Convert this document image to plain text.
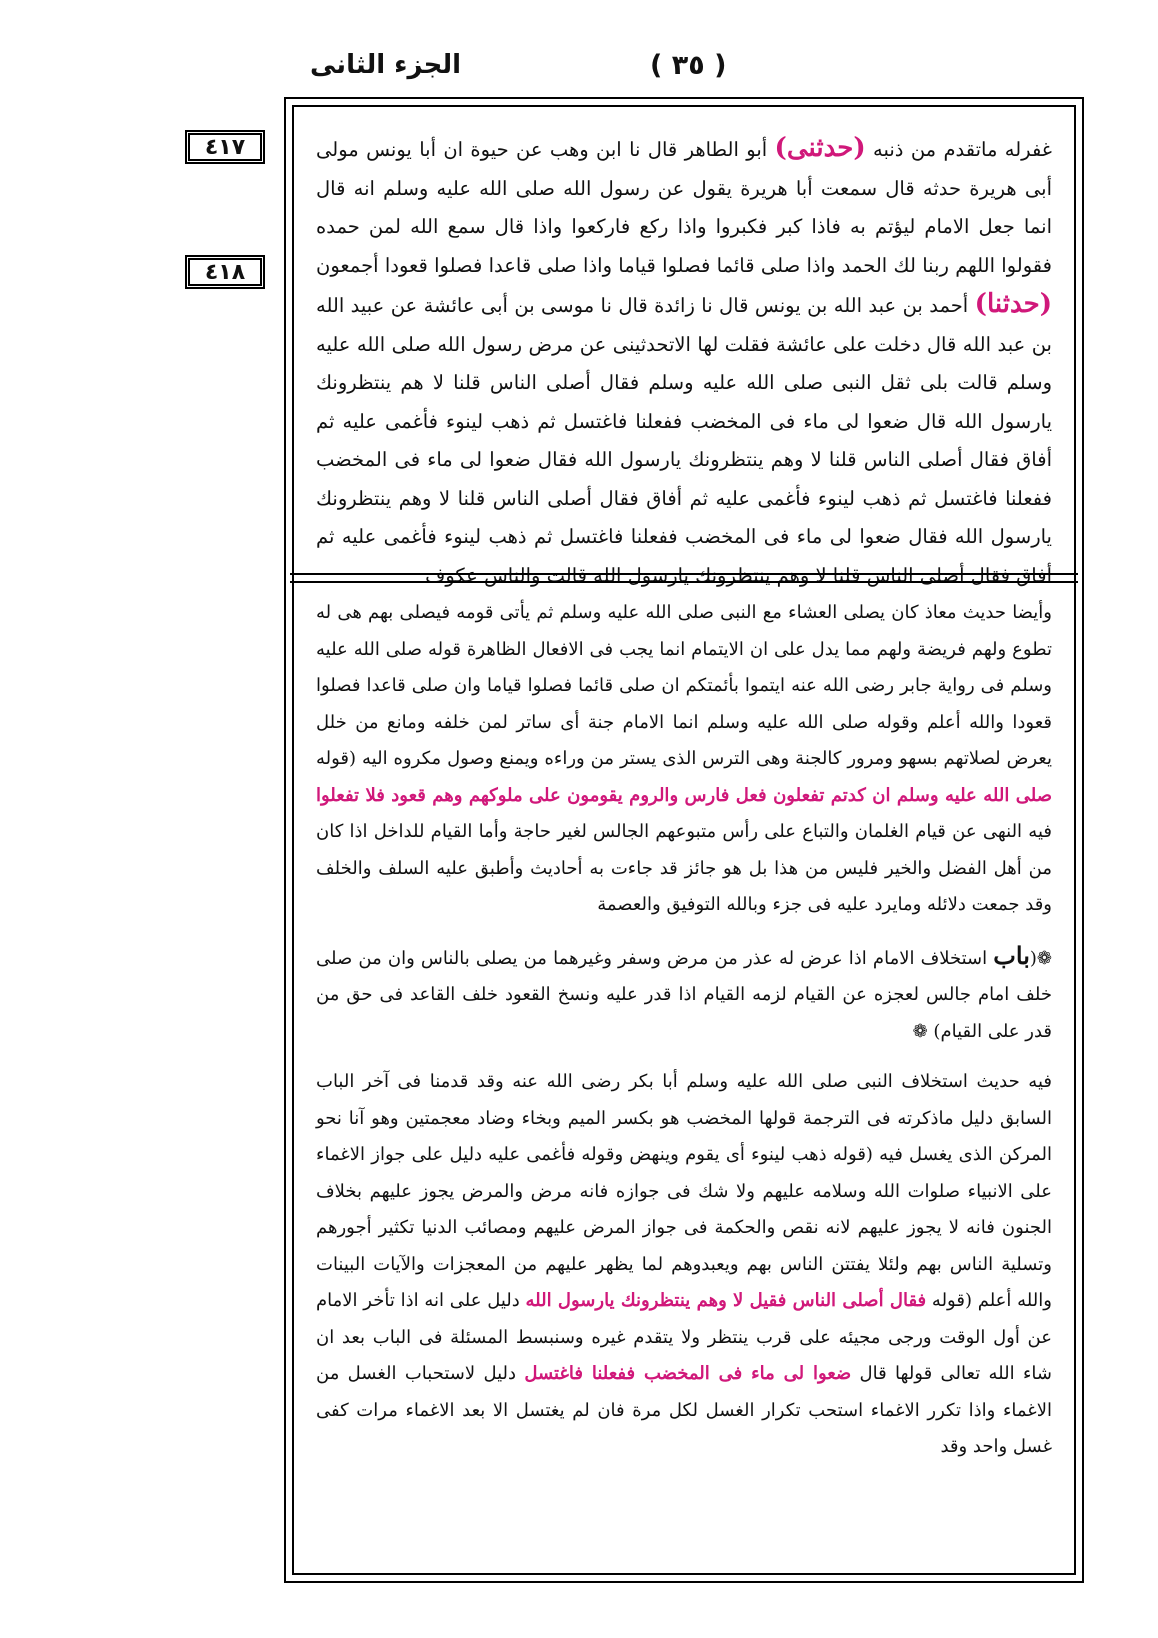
الجزء الثانى	( ٣٥ )
٤١٧
٤١٨

غفرله ماتقدم من ذنبه (حدثنى) أبو الطاهر قال نا ابن وهب عن حيوة ان أبا يونس مولى أبى هريرة حدثه قال سمعت أبا هريرة يقول عن رسول الله صلى الله عليه وسلم انه قال انما جعل الامام ليؤتم به فاذا كبر فكبروا واذا ركع فاركعوا واذا قال سمع الله لمن حمده فقولوا اللهم ربنا لك الحمد واذا صلى قائما فصلوا قياما واذا صلى قاعدا فصلوا قعودا أجمعون (حدثنا) أحمد بن عبد الله بن يونس قال نا زائدة قال نا موسى بن أبى عائشة عن عبيد الله بن عبد الله قال دخلت على عائشة فقلت لها الاتحدثينى عن مرض رسول الله صلى الله عليه وسلم قالت بلى ثقل النبى صلى الله عليه وسلم فقال أصلى الناس قلنا لا هم ينتظرونك يارسول الله قال ضعوا لى ماء فى المخضب ففعلنا فاغتسل ثم ذهب لينوء فأغمى عليه ثم أفاق فقال أصلى الناس قلنا لا وهم ينتظرونك يارسول الله فقال ضعوا لى ماء فى المخضب ففعلنا فاغتسل ثم ذهب لينوء فأغمى عليه ثم أفاق فقال أصلى الناس قلنا لا وهم ينتظرونك يارسول الله فقال ضعوا لى ماء فى المخضب ففعلنا فاغتسل ثم ذهب لينوء فأغمى عليه ثم أفاق فقال أصلى الناس قلنا لا وهم ينتظرونك يارسول الله قالت والناس عكوف

وأيضا حديث معاذ كان يصلى العشاء مع النبى صلى الله عليه وسلم ثم يأتى قومه فيصلى بهم هى له تطوع ولهم فريضة ولهم مما يدل على ان الايتمام انما يجب فى الافعال الظاهرة قوله صلى الله عليه وسلم فى رواية جابر رضى الله عنه ايتموا بأئمتكم ان صلى قائما فصلوا قياما وان صلى قاعدا فصلوا قعودا والله أعلم وقوله صلى الله عليه وسلم انما الامام جنة أى ساتر لمن خلفه ومانع من خلل يعرض لصلاتهم بسهو ومرور كالجنة وهى الترس الذى يستر من وراءه ويمنع وصول مكروه اليه (قوله صلى الله عليه وسلم ان كدتم تفعلون فعل فارس والروم يقومون على ملوكهم وهم قعود فلا تفعلوا فيه النهى عن قيام الغلمان والتباع على رأس متبوعهم الجالس لغير حاجة وأما القيام للداخل اذا كان من أهل الفضل والخير فليس من هذا بل هو جائز قد جاءت به أحاديث وأطبق عليه السلف والخلف وقد جمعت دلائله ومايرد عليه فى جزء وبالله التوفيق والعصمة

❁(باب استخلاف الامام اذا عرض له عذر من مرض وسفر وغيرهما من يصلى بالناس وان من صلى خلف امام جالس لعجزه عن القيام لزمه القيام اذا قدر عليه ونسخ القعود خلف القاعد فى حق من قدر على القيام) ❁

فيه حديث استخلاف النبى صلى الله عليه وسلم أبا بكر رضى الله عنه وقد قدمنا فى آخر الباب السابق دليل ماذكرته فى الترجمة قولها المخضب هو بكسر الميم وبخاء وضاد معجمتين وهو آنا نحو المركن الذى يغسل فيه (قوله ذهب لينوء أى يقوم وينهض وقوله فأغمى عليه دليل على جواز الاغماء على الانبياء صلوات الله وسلامه عليهم ولا شك فى جوازه فانه مرض والمرض يجوز عليهم بخلاف الجنون فانه لا يجوز عليهم لانه نقص والحكمة فى جواز المرض عليهم ومصائب الدنيا تكثير أجورهم وتسلية الناس بهم ولئلا يفتتن الناس بهم ويعبدوهم لما يظهر عليهم من المعجزات والآيات البينات والله أعلم (قوله فقال أصلى الناس فقيل لا وهم ينتظرونك يارسول الله دليل على انه اذا تأخر الامام عن أول الوقت ورجى مجيئه على قرب ينتظر ولا يتقدم غيره وسنبسط المسئلة فى الباب بعد ان شاء الله تعالى قولها قال ضعوا لى ماء فى المخضب ففعلنا فاغتسل دليل لاستحباب الغسل من الاغماء واذا تكرر الاغماء استحب تكرار الغسل لكل مرة فان لم يغتسل الا بعد الاغماء مرات كفى غسل واحد وقد
